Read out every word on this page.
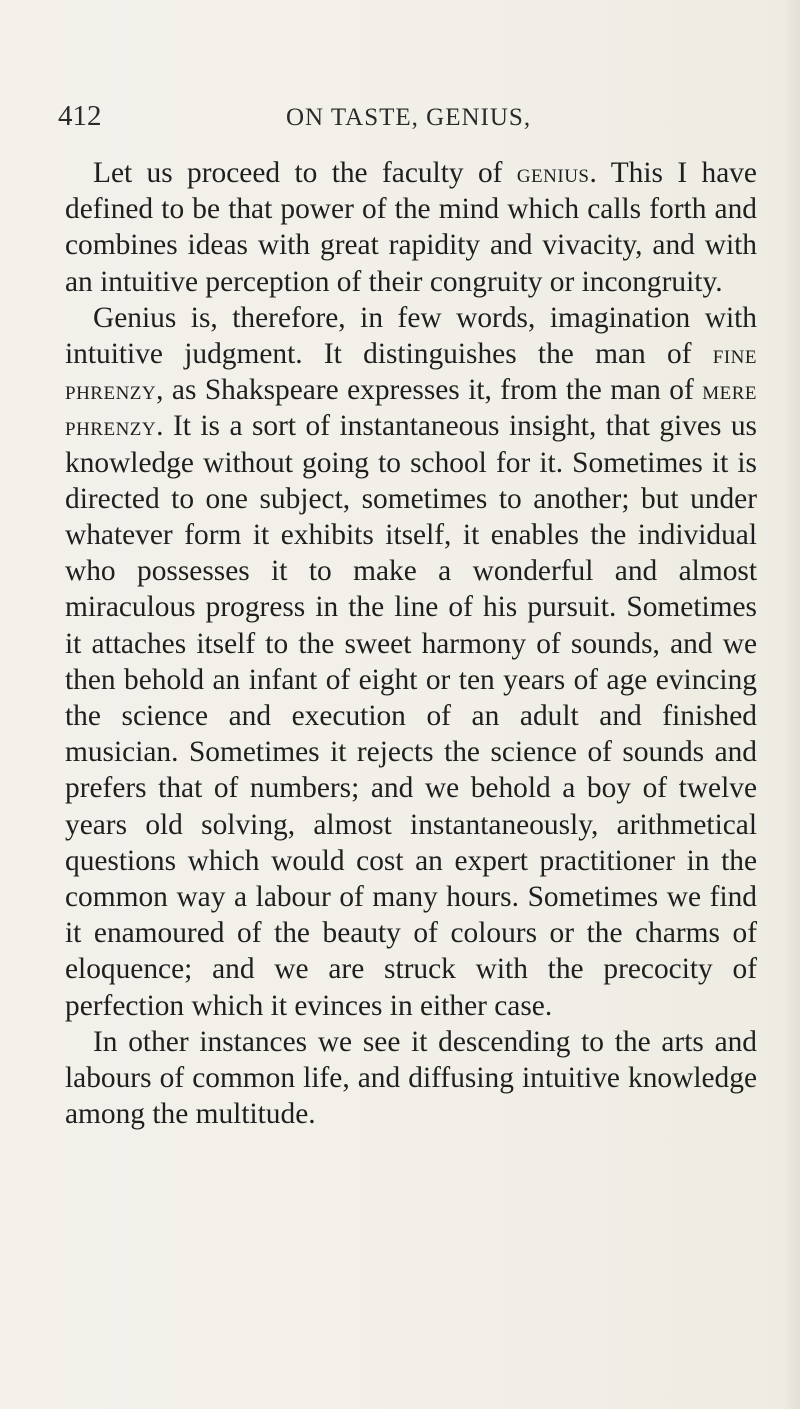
412	ON TASTE, GENIUS,

Let us proceed to the faculty of genius. This I have defined to be that power of the mind which calls forth and combines ideas with great rapidity and vivacity, and with an intuitive perception of their congruity or incongruity.

Genius is, therefore, in few words, imagination with intuitive judgment. It distinguishes the man of fine phrenzy, as Shakspeare expresses it, from the man of mere phrenzy. It is a sort of instantaneous insight, that gives us knowledge without going to school for it. Sometimes it is directed to one subject, sometimes to another; but under whatever form it exhibits itself, it enables the individual who possesses it to make a wonderful and almost miraculous progress in the line of his pursuit. Sometimes it attaches itself to the sweet harmony of sounds, and we then behold an infant of eight or ten years of age evincing the science and execution of an adult and finished musician. Sometimes it rejects the science of sounds and prefers that of numbers; and we behold a boy of twelve years old solving, almost instantaneously, arithmetical questions which would cost an expert practitioner in the common way a labour of many hours. Sometimes we find it enamoured of the beauty of colours or the charms of eloquence; and we are struck with the precocity of perfection which it evinces in either case.

In other instances we see it descending to the arts and labours of common life, and diffusing intuitive knowledge among the multitude.
